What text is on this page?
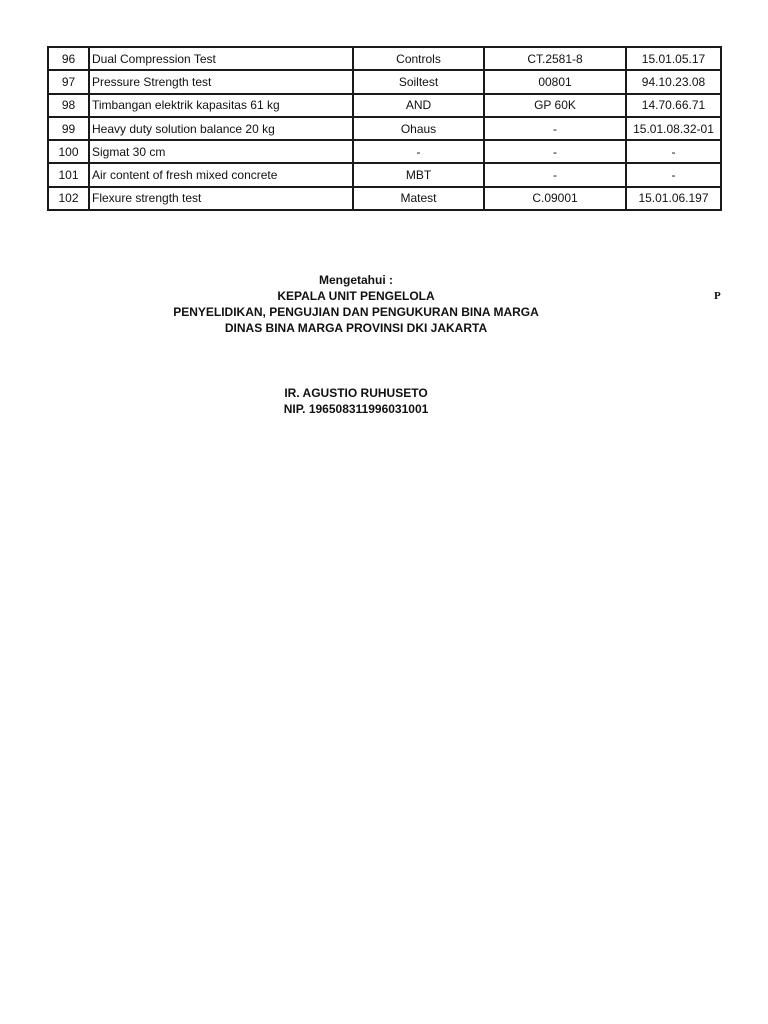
96	Dual Compression Test	Controls	CT.2581-8	15.01.05.17
97	Pressure Strength test	Soiltest	00801	94.10.23.08
98	Timbangan elektrik kapasitas 61 kg	AND	GP 60K	14.70.66.71
99	Heavy duty solution balance 20 kg	Ohaus	-	15.01.08.32-01
100	Sigmat 30 cm	-	-	-
101	Air content of fresh mixed concrete	MBT	-	-
102	Flexure strength test	Matest	C.09001	15.01.06.197
Mengetahui :
KEPALA UNIT PENGELOLA
PENYELIDIKAN, PENGUJIAN DAN PENGUKURAN BINA MARGA
DINAS BINA MARGA PROVINSI DKI JAKARTA
IR. AGUSTIO RUHUSETO
NIP. 196508311996031001
P
